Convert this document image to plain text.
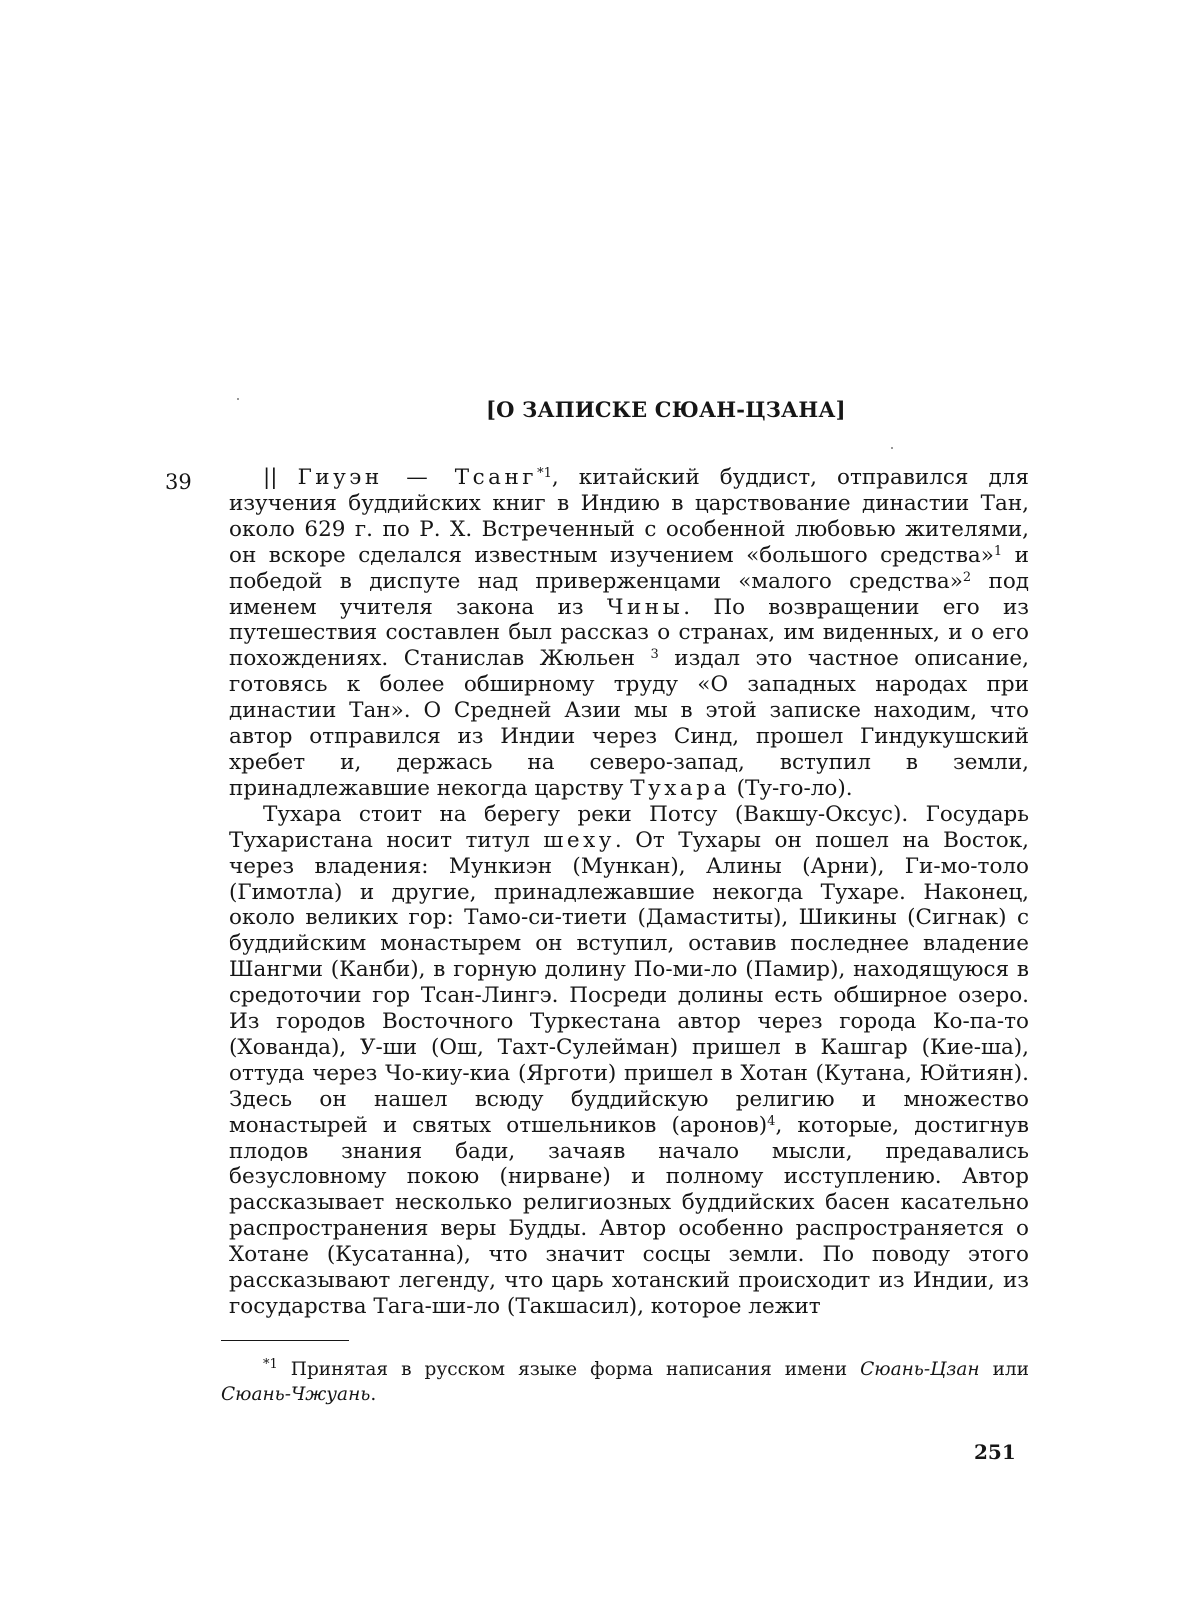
[О ЗАПИСКЕ СЮАН-ЦЗАНА]
39	|| Гиуэн — Тсанг$^{*1}$, китайский буддист, отправился для изучения буддийских книг в Индию в царствование династии Тан, около 629 г. по Р. Х. Встреченный с особенной любовью жителями, он вскоре сделался известным изучением «большого средства»$^1$ и победой в диспуте над приверженцами «малого средства»$^2$ под именем учителя закона из Чины. По возвращении его из путешествия составлен был рассказ о странах, им виденных, и о его похождениях. Станислав Жюльен $^3$ издал это частное описание, готовясь к более обширному труду «О западных народах при династии Тан». О Средней Азии мы в этой записке находим, что автор отправился из Индии через Синд, прошел Гиндукушский хребет и, держась на северо-запад, вступил в земли, принадлежавшие некогда царству Тухара (Ту-го-ло).

Тухара стоит на берегу реки Потсу (Вакшу-Оксус). Государь Тухаристана носит титул шеху. От Тухары он пошел на Восток, через владения: Мункиэн (Мункан), Алины (Арни), Ги-мо-толо (Гимотла) и другие, принадлежавшие некогда Тухаре. Наконец, около великих гор: Тамо-си-тиети (Дамаститы), Шикины (Сигнак) с буддийским монастырем он вступил, оставив последнее владение Шангми (Канби), в горную долину По-ми-ло (Памир), находящуюся в средоточии гор Тсан-Лингэ. Посреди долины есть обширное озеро. Из городов Восточного Туркестана автор через города Ко-па-то (Хованда), У-ши (Ош, Тахт-Сулейман) пришел в Кашгар (Кие-ша), оттуда через Чо-киу-киа (Ярготи) пришел в Хотан (Кутана, Юйтиян). Здесь он нашел всюду буддийскую религию и множество монастырей и святых отшельников (аронов)$^4$, которые, достигнув плодов знания бади, зачаяв начало мысли, предавались безусловному покою (нирване) и полному исступлению. Автор рассказывает несколько религиозных буддийских басен касательно распространения веры Будды. Автор особенно распространяется о Хотане (Кусатанна), что значит сосцы земли. По поводу этого рассказывают легенду, что царь хотанский происходит из Индии, из государства Тага-ши-ло (Такшасил), которое лежит

$^{*1}$ Принятая в русском языке форма написания имени Сюань-Цзан или Сюань-Чжуань.
251
